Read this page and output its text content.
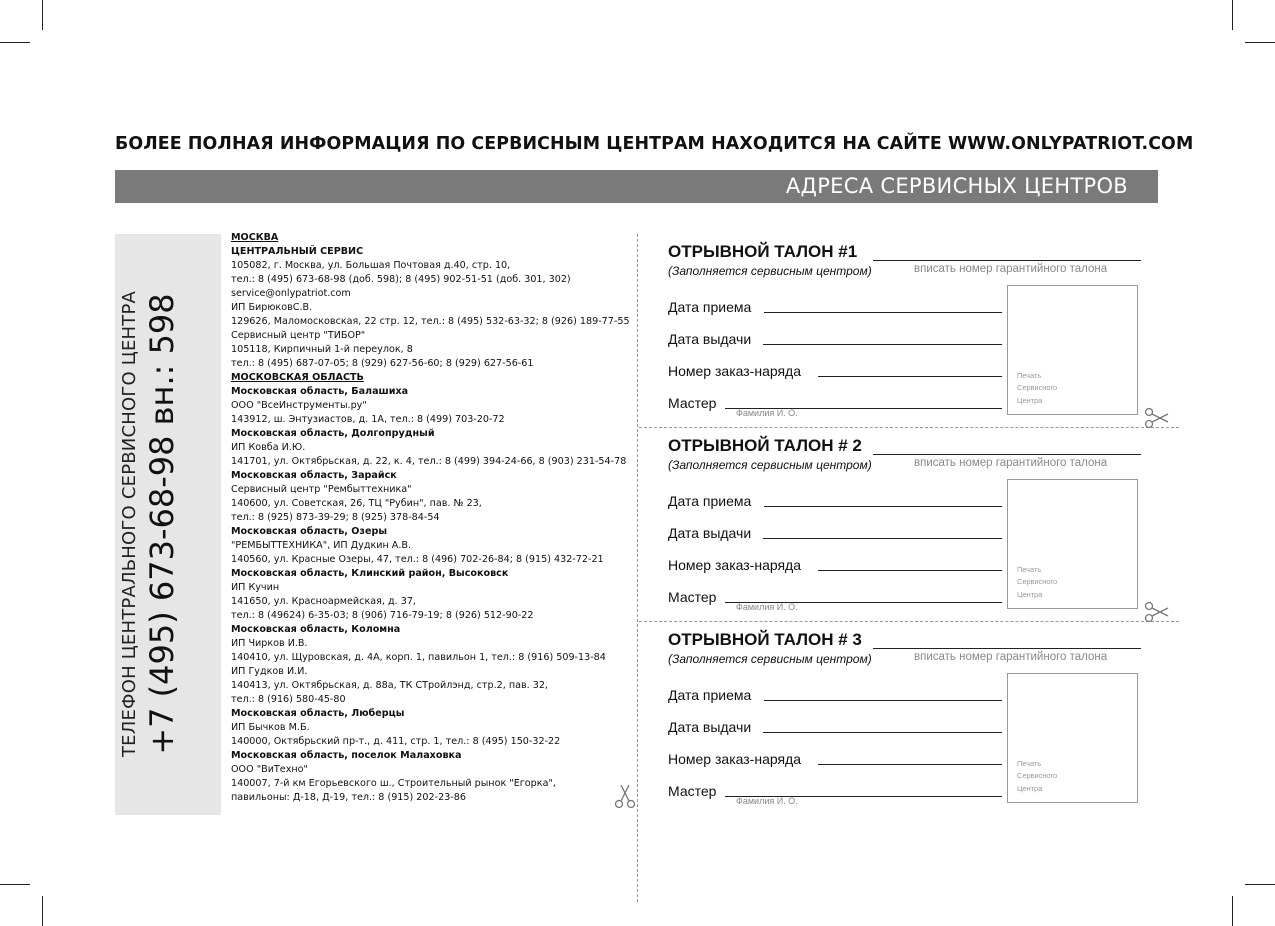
БОЛЕЕ ПОЛНАЯ ИНФОРМАЦИЯ ПО СЕРВИСНЫМ ЦЕНТРАМ НАХОДИТСЯ НА САЙТЕ WWW.ONLYPATRIOT.COM
АДРЕСА СЕРВИСНЫХ ЦЕНТРОВ
ТЕЛЕФОН ЦЕНТРАЛЬНОГО СЕРВИСНОГО ЦЕНТРА +7 (495) 673-68-98 вн.: 598
МОСКВА
ЦЕНТРАЛЬНЫЙ СЕРВИС
105082, г. Москва, ул. Большая Почтовая д.40, стр. 10,
тел.: 8 (495) 673-68-98 (доб. 598); 8 (495) 902-51-51 (доб. 301, 302)
service@onlypatriot.com
ИП БирюковС.В.
129626, Маломосковская, 22 стр. 12, тел.: 8 (495) 532-63-32; 8 (926) 189-77-55
Сервисный центр "ТИБОР"
105118, Кирпичный 1-й переулок, 8
тел.: 8 (495) 687-07-05; 8 (929) 627-56-60; 8 (929) 627-56-61
МОСКОВСКАЯ ОБЛАСТЬ
Московская область, Балашиха
ООО "ВсеИнструменты.ру"
143912, ш. Энтузиастов, д. 1А, тел.: 8 (499) 703-20-72
Московская область, Долгопрудный
ИП Ковба И.Ю.
141701, ул. Октябрьская, д. 22, к. 4, тел.: 8 (499) 394-24-66, 8 (903) 231-54-78
Московская область, Зарайск
Сервисный центр "Рембыттехника"
140600, ул. Советская, 26, ТЦ "Рубин", пав. № 23,
тел.: 8 (925) 873-39-29; 8 (925) 378-84-54
Московская область, Озеры
"РЕМБЫТТЕХНИКА", ИП Дудкин А.В.
140560, ул. Красные Озеры, 47, тел.: 8 (496) 702-26-84; 8 (915) 432-72-21
Московская область, Клинский район, Высоковск
ИП Кучин
141650, ул. Красноармейская, д. 37,
тел.: 8 (49624) 6-35-03; 8 (906) 716-79-19; 8 (926) 512-90-22
Московская область, Коломна
ИП Чирков И.В.
140410, ул. Щуровская, д. 4А, корп. 1, павильон 1, тел.: 8 (916) 509-13-84
ИП Гудков И.И.
140413, ул. Октябрьская, д. 88а, ТК СТройлэнд, стр.2, пав. 32,
тел.: 8 (916) 580-45-80
Московская область, Люберцы
ИП Бычков М.Б.
140000, Октябрьский пр-т., д. 411, стр. 1, тел.: 8 (495) 150-32-22
Московская область, поселок Малаховка
ООО "ВиТехно"
140007, 7-й км Егорьевского ш., Строительный рынок "Егорка",
павильоны: Д-18, Д-19, тел.: 8 (915) 202-23-86
ОТРЫВНОЙ ТАЛОН #1
(Заполняется сервисным центром)	вписать номер гарантийного талона
Дата приема
Дата выдачи
Номер заказ-наряда
Мастер
Фамилия И. О.
Печать
Сервисного
Центра
ОТРЫВНОЙ ТАЛОН # 2
(Заполняется сервисным центром)	вписать номер гарантийного талона
Дата приема
Дата выдачи
Номер заказ-наряда
Мастер
Фамилия И. О.
Печать
Сервисного
Центра
ОТРЫВНОЙ ТАЛОН # 3
(Заполняется сервисным центром)	вписать номер гарантийного талона
Дата приема
Дата выдачи
Номер заказ-наряда
Мастер
Фамилия И. О.
Печать
Сервисного
Центра
